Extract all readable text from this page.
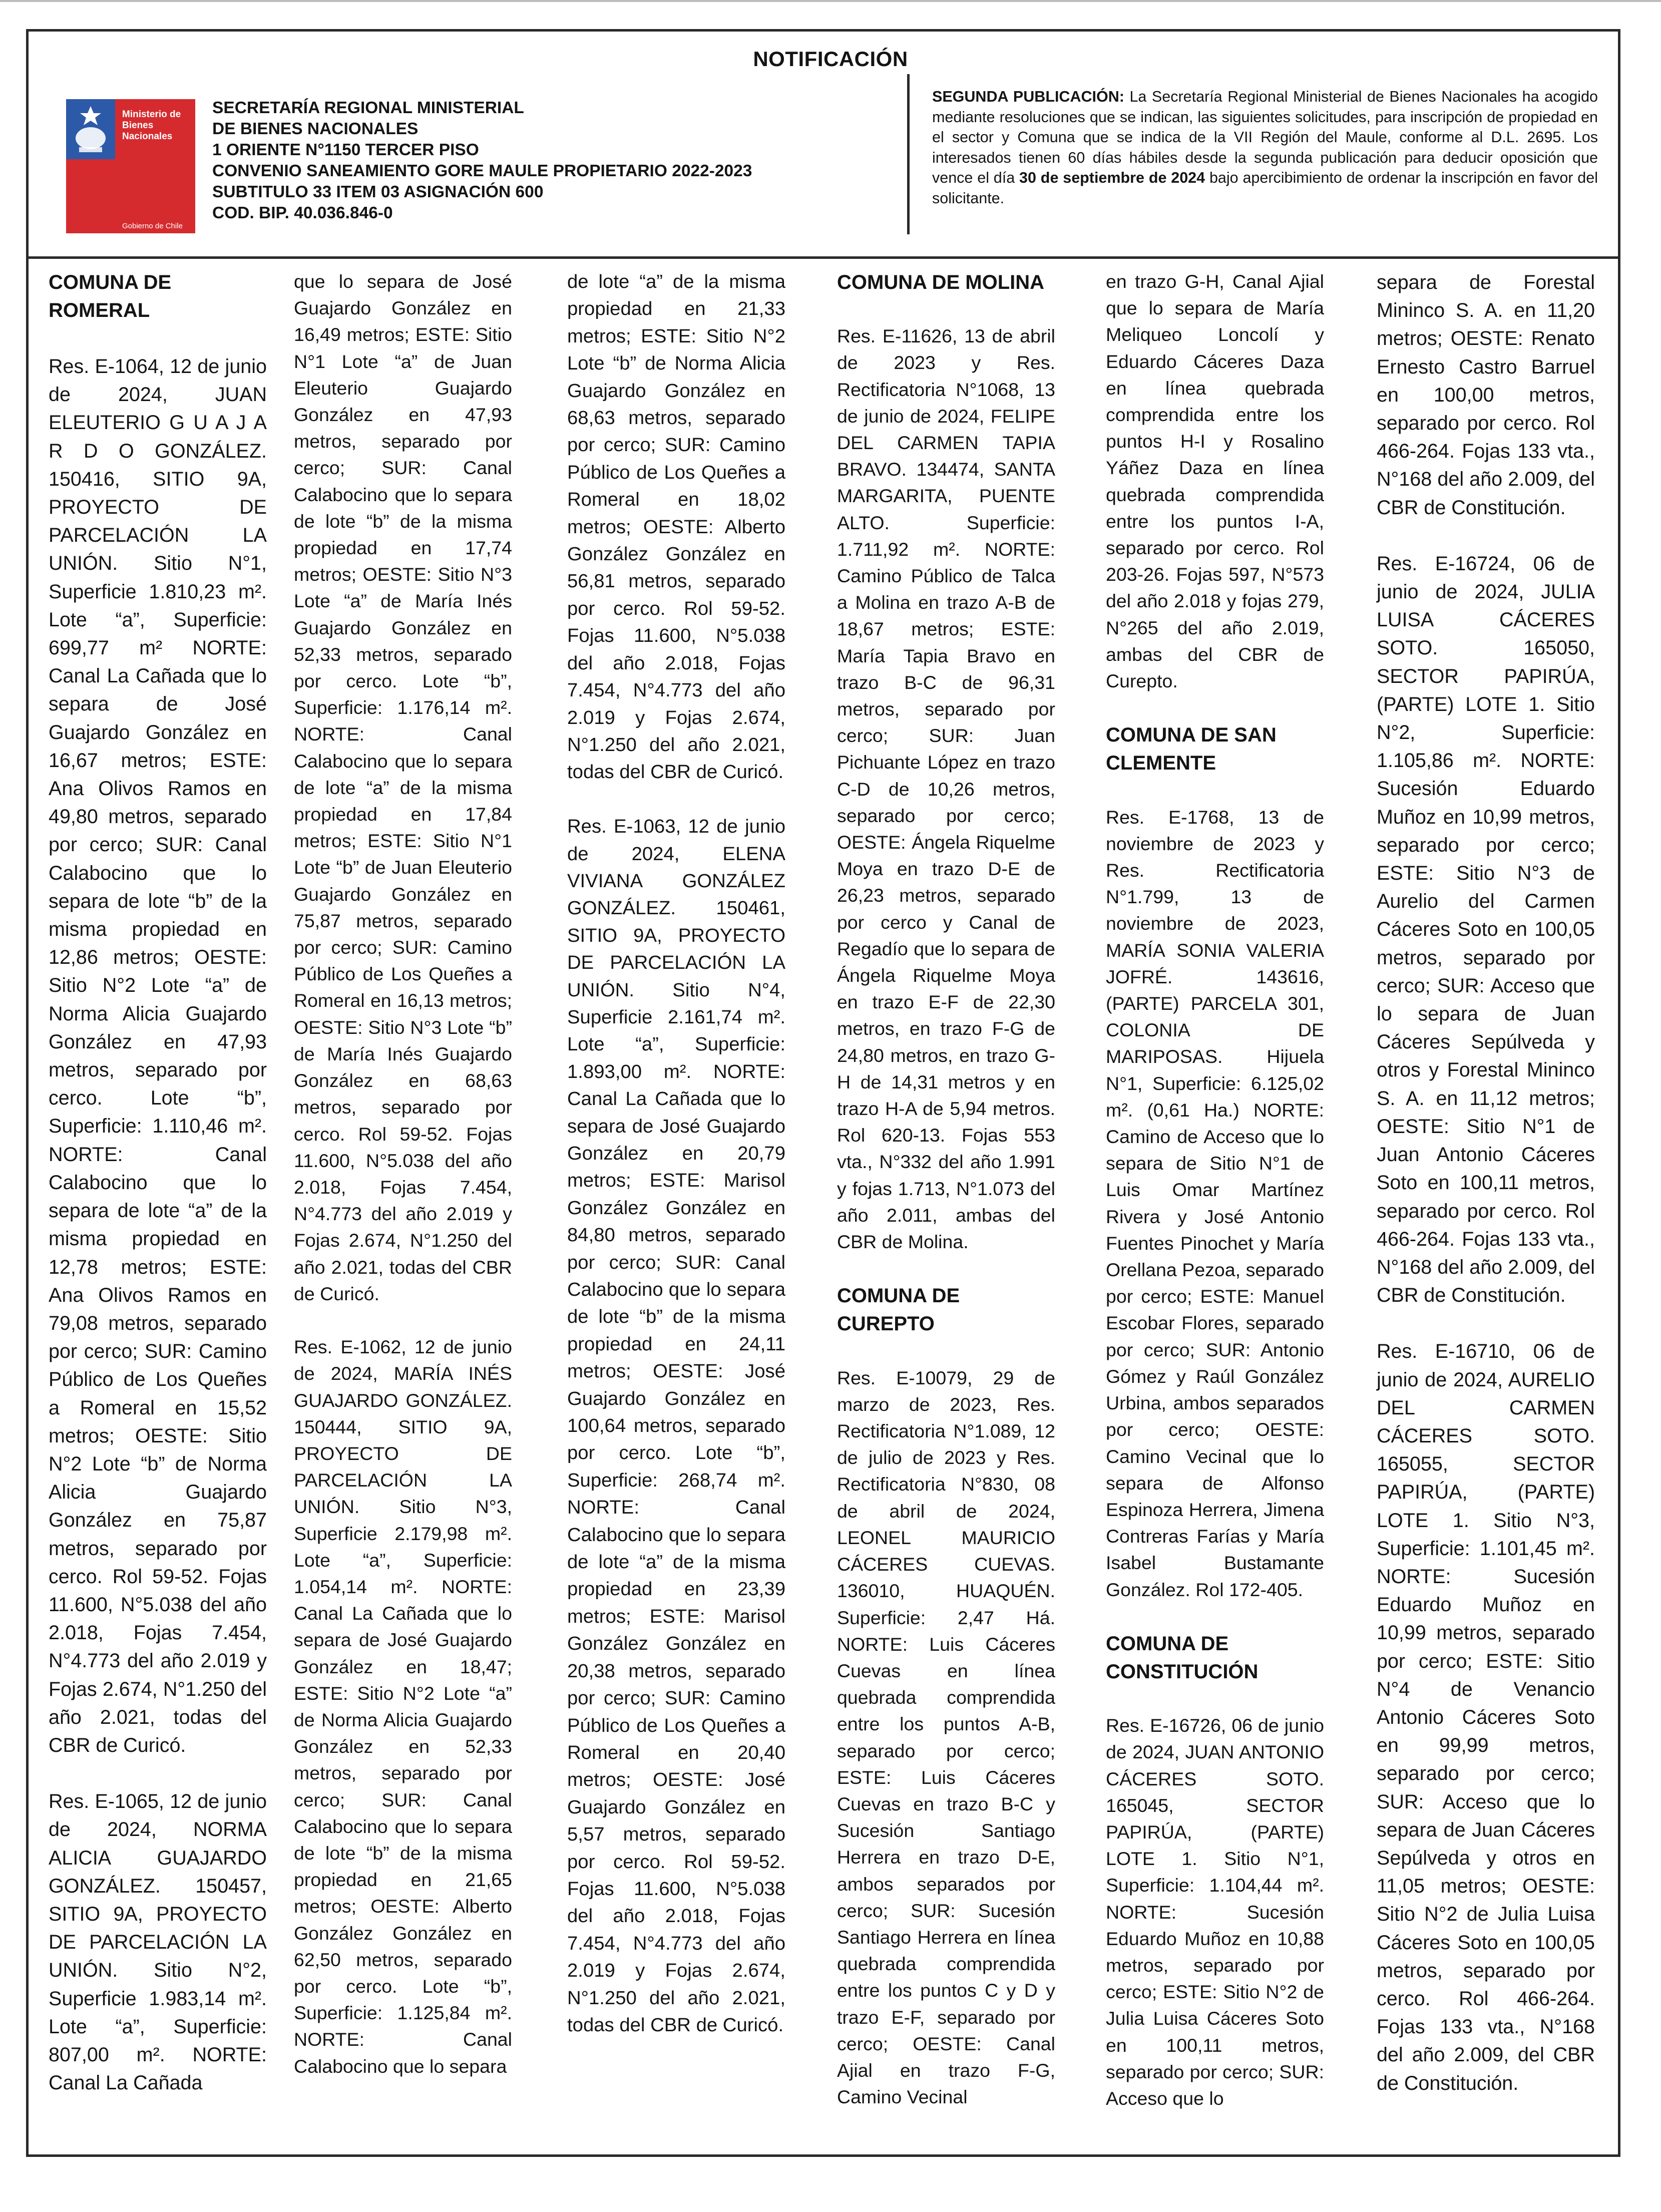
NOTIFICACIÓN
Ministerio de
Bienes
Nacionales
Gobierno de Chile
SECRETARÍA REGIONAL MINISTERIAL
DE BIENES NACIONALES
1 ORIENTE N°1150 TERCER PISO
CONVENIO SANEAMIENTO GORE MAULE PROPIETARIO 2022-2023
SUBTITULO 33 ITEM 03 ASIGNACIÓN 600
COD. BIP. 40.036.846-0
SEGUNDA PUBLICACIÓN: La Secretaría Regional Ministerial de Bienes Nacionales ha acogido mediante resoluciones que se indican, las siguientes solicitudes, para inscripción de propiedad en el sector y Comuna que se indica de la VII Región del Maule, conforme al D.L. 2695. Los interesados tienen 60 días hábiles desde la segunda publicación para deducir oposición que vence el día 30 de septiembre de 2024 bajo apercibimiento de ordenar la inscripción en favor del solicitante.
COMUNA DE ROMERAL

Res. E-1064, 12 de junio de 2024, JUAN ELEUTERIO G U A J A R D O GONZÁLEZ. 150416, SITIO 9A, PROYECTO DE PARCELACIÓN LA UNIÓN. Sitio N°1, Superficie 1.810,23 m². Lote “a”, Superficie: 699,77 m² NORTE: Canal La Cañada que lo separa de José Guajardo González en 16,67 metros; ESTE: Ana Olivos Ramos en 49,80 metros, separado por cerco; SUR: Canal Calabocino que lo separa de lote “b” de la misma propiedad en 12,86 metros; OESTE: Sitio N°2 Lote “a” de Norma Alicia Guajardo González en 47,93 metros, separado por cerco. Lote “b”, Superficie: 1.110,46 m². NORTE: Canal Calabocino que lo separa de lote “a” de la misma propiedad en 12,78 metros; ESTE: Ana Olivos Ramos en 79,08 metros, separado por cerco; SUR: Camino Público de Los Queñes a Romeral en 15,52 metros; OESTE: Sitio N°2 Lote “b” de Norma Alicia Guajardo González en 75,87 metros, separado por cerco. Rol 59-52. Fojas 11.600, N°5.038 del año 2.018, Fojas 7.454, N°4.773 del año 2.019 y Fojas 2.674, N°1.250 del año 2.021, todas del CBR de Curicó.

Res. E-1065, 12 de junio de 2024, NORMA ALICIA GUAJARDO GONZÁLEZ. 150457, SITIO 9A, PROYECTO DE PARCELACIÓN LA UNIÓN. Sitio N°2, Superficie 1.983,14 m². Lote “a”, Superficie: 807,00 m². NORTE: Canal La Cañada

que lo separa de José Guajardo González en 16,49 metros; ESTE: Sitio N°1 Lote “a” de Juan Eleuterio Guajardo González en 47,93 metros, separado por cerco; SUR: Canal Calabocino que lo separa de lote “b” de la misma propiedad en 17,74 metros; OESTE: Sitio N°3 Lote “a” de María Inés Guajardo González en 52,33 metros, separado por cerco. Lote “b”, Superficie: 1.176,14 m². NORTE: Canal Calabocino que lo separa de lote “a” de la misma propiedad en 17,84 metros; ESTE: Sitio N°1 Lote “b” de Juan Eleuterio Guajardo González en 75,87 metros, separado por cerco; SUR: Camino Público de Los Queñes a Romeral en 16,13 metros; OESTE: Sitio N°3 Lote “b” de María Inés Guajardo González en 68,63 metros, separado por cerco. Rol 59-52. Fojas 11.600, N°5.038 del año 2.018, Fojas 7.454, N°4.773 del año 2.019 y Fojas 2.674, N°1.250 del año 2.021, todas del CBR de Curicó.

Res. E-1062, 12 de junio de 2024, MARÍA INÉS GUAJARDO GONZÁLEZ. 150444, SITIO 9A, PROYECTO DE PARCELACIÓN LA UNIÓN. Sitio N°3, Superficie 2.179,98 m². Lote “a”, Superficie: 1.054,14 m². NORTE: Canal La Cañada que lo separa de José Guajardo González en 18,47; ESTE: Sitio N°2 Lote “a” de Norma Alicia Guajardo González en 52,33 metros, separado por cerco; SUR: Canal Calabocino que lo separa de lote “b” de la misma propiedad en 21,65 metros; OESTE: Alberto González González en 62,50 metros, separado por cerco. Lote “b”, Superficie: 1.125,84 m². NORTE: Canal Calabocino que lo separa

de lote “a” de la misma propiedad en 21,33 metros; ESTE: Sitio N°2 Lote “b” de Norma Alicia Guajardo González en 68,63 metros, separado por cerco; SUR: Camino Público de Los Queñes a Romeral en 18,02 metros; OESTE: Alberto González González en 56,81 metros, separado por cerco. Rol 59-52. Fojas 11.600, N°5.038 del año 2.018, Fojas 7.454, N°4.773 del año 2.019 y Fojas 2.674, N°1.250 del año 2.021, todas del CBR de Curicó.

Res. E-1063, 12 de junio de 2024, ELENA VIVIANA GONZÁLEZ GONZÁLEZ. 150461, SITIO 9A, PROYECTO DE PARCELACIÓN LA UNIÓN. Sitio N°4, Superficie 2.161,74 m². Lote “a”, Superficie: 1.893,00 m². NORTE: Canal La Cañada que lo separa de José Guajardo González en 20,79 metros; ESTE: Marisol González González en 84,80 metros, separado por cerco; SUR: Canal Calabocino que lo separa de lote “b” de la misma propiedad en 24,11 metros; OESTE: José Guajardo González en 100,64 metros, separado por cerco. Lote “b”, Superficie: 268,74 m². NORTE: Canal Calabocino que lo separa de lote “a” de la misma propiedad en 23,39 metros; ESTE: Marisol González González en 20,38 metros, separado por cerco; SUR: Camino Público de Los Queñes a Romeral en 20,40 metros; OESTE: José Guajardo González en 5,57 metros, separado por cerco. Rol 59-52. Fojas 11.600, N°5.038 del año 2.018, Fojas 7.454, N°4.773 del año 2.019 y Fojas 2.674, N°1.250 del año 2.021, todas del CBR de Curicó.

COMUNA DE MOLINA

Res. E-11626, 13 de abril de 2023 y Res. Rectificatoria N°1068, 13 de junio de 2024, FELIPE DEL CARMEN TAPIA BRAVO. 134474, SANTA MARGARITA, PUENTE ALTO. Superficie: 1.711,92 m². NORTE: Camino Público de Talca a Molina en trazo A-B de 18,67 metros; ESTE: María Tapia Bravo en trazo B-C de 96,31 metros, separado por cerco; SUR: Juan Pichuante López en trazo C-D de 10,26 metros, separado por cerco; OESTE: Ángela Riquelme Moya en trazo D-E de 26,23 metros, separado por cerco y Canal de Regadío que lo separa de Ángela Riquelme Moya en trazo E-F de 22,30 metros, en trazo F-G de 24,80 metros, en trazo G-H de 14,31 metros y en trazo H-A de 5,94 metros. Rol 620-13. Fojas 553 vta., N°332 del año 1.991 y fojas 1.713, N°1.073 del año 2.011, ambas del CBR de Molina.

COMUNA DE CUREPTO

Res. E-10079, 29 de marzo de 2023, Res. Rectificatoria N°1.089, 12 de julio de 2023 y Res. Rectificatoria N°830, 08 de abril de 2024, LEONEL MAURICIO CÁCERES CUEVAS. 136010, HUAQUÉN. Superficie: 2,47 Há. NORTE: Luis Cáceres Cuevas en línea quebrada comprendida entre los puntos A-B, separado por cerco; ESTE: Luis Cáceres Cuevas en trazo B-C y Sucesión Santiago Herrera en trazo D-E, ambos separados por cerco; SUR: Sucesión Santiago Herrera en línea quebrada comprendida entre los puntos C y D y trazo E-F, separado por cerco; OESTE: Canal Ajial en trazo F-G, Camino Vecinal

en trazo G-H, Canal Ajial que lo separa de María Meliqueo Loncolí y Eduardo Cáceres Daza en línea quebrada comprendida entre los puntos H-I y Rosalino Yáñez Daza en línea quebrada comprendida entre los puntos I-A, separado por cerco. Rol 203-26. Fojas 597, N°573 del año 2.018 y fojas 279, N°265 del año 2.019, ambas del CBR de Curepto.

COMUNA DE SAN CLEMENTE

Res. E-1768, 13 de noviembre de 2023 y Res. Rectificatoria N°1.799, 13 de noviembre de 2023, MARÍA SONIA VALERIA JOFRÉ. 143616, (PARTE) PARCELA 301, COLONIA DE MARIPOSAS. Hijuela N°1, Superficie: 6.125,02 m². (0,61 Ha.) NORTE: Camino de Acceso que lo separa de Sitio N°1 de Luis Omar Martínez Rivera y José Antonio Fuentes Pinochet y María Orellana Pezoa, separado por cerco; ESTE: Manuel Escobar Flores, separado por cerco; SUR: Antonio Gómez y Raúl González Urbina, ambos separados por cerco; OESTE: Camino Vecinal que lo separa de Alfonso Espinoza Herrera, Jimena Contreras Farías y María Isabel Bustamante González. Rol 172-405.

COMUNA DE CONSTITUCIÓN

Res. E-16726, 06 de junio de 2024, JUAN ANTONIO CÁCERES SOTO. 165045, SECTOR PAPIRÚA, (PARTE) LOTE 1. Sitio N°1, Superficie: 1.104,44 m². NORTE: Sucesión Eduardo Muñoz en 10,88 metros, separado por cerco; ESTE: Sitio N°2 de Julia Luisa Cáceres Soto en 100,11 metros, separado por cerco; SUR: Acceso que lo

separa de Forestal Mininco S. A. en 11,20 metros; OESTE: Renato Ernesto Castro Barruel en 100,00 metros, separado por cerco. Rol 466-264. Fojas 133 vta., N°168 del año 2.009, del CBR de Constitución.

Res. E-16724, 06 de junio de 2024, JULIA LUISA CÁCERES SOTO. 165050, SECTOR PAPIRÚA, (PARTE) LOTE 1. Sitio N°2, Superficie: 1.105,86 m². NORTE: Sucesión Eduardo Muñoz en 10,99 metros, separado por cerco; ESTE: Sitio N°3 de Aurelio del Carmen Cáceres Soto en 100,05 metros, separado por cerco; SUR: Acceso que lo separa de Juan Cáceres Sepúlveda y otros y Forestal Mininco S. A. en 11,12 metros; OESTE: Sitio N°1 de Juan Antonio Cáceres Soto en 100,11 metros, separado por cerco. Rol 466-264. Fojas 133 vta., N°168 del año 2.009, del CBR de Constitución.

Res. E-16710, 06 de junio de 2024, AURELIO DEL CARMEN CÁCERES SOTO. 165055, SECTOR PAPIRÚA, (PARTE) LOTE 1. Sitio N°3, Superficie: 1.101,45 m². NORTE: Sucesión Eduardo Muñoz en 10,99 metros, separado por cerco; ESTE: Sitio N°4 de Venancio Antonio Cáceres Soto en 99,99 metros, separado por cerco; SUR: Acceso que lo separa de Juan Cáceres Sepúlveda y otros en 11,05 metros; OESTE: Sitio N°2 de Julia Luisa Cáceres Soto en 100,05 metros, separado por cerco. Rol 466-264. Fojas 133 vta., N°168 del año 2.009, del CBR de Constitución.
